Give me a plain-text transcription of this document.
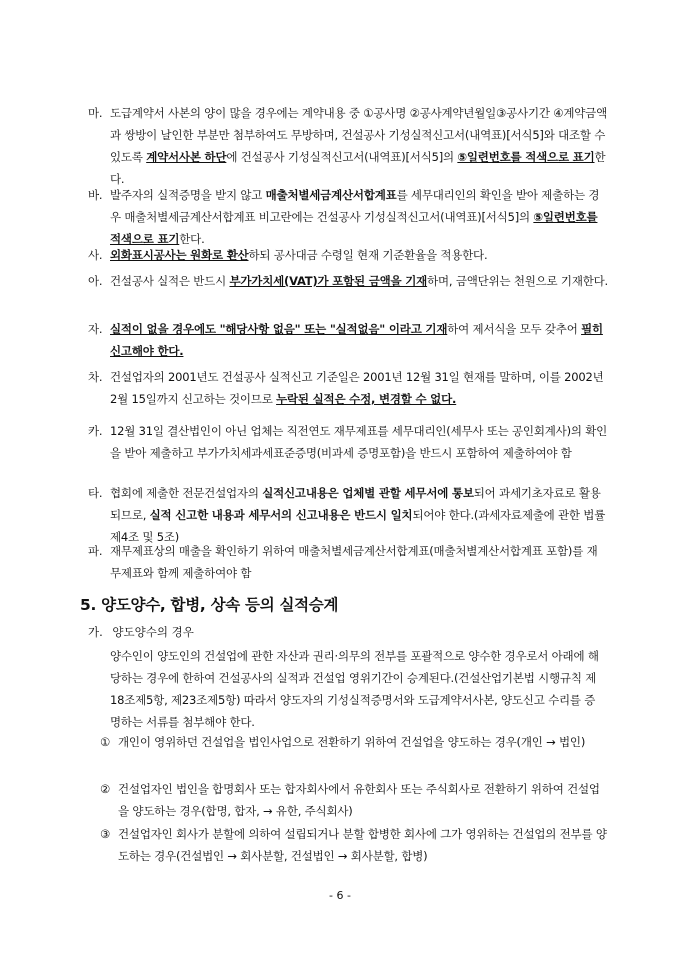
마. 도급계약서 사본의 양이 많을 경우에는 계약내용 중 ①공사명 ②공사계약년월일③공사기간 ④계약금액과 쌍방이 날인한 부분만 첨부하여도 무방하며, 건설공사 기성실적신고서(내역표)[서식5]와 대조할 수 있도록 계약서사본 하단에 건설공사 기성실적신고서(내역표)[서식5]의 ⑤일련번호를 적색으로 표기한다.
바. 발주자의 실적증명을 받지 않고 매출처별세금계산서합계표를 세무대리인의 확인을 받아 제출하는 경우 매출처별세금계산서합계표 비고란에는 건설공사 기성실적신고서(내역표)[서식5]의 ⑤일련번호를 적색으로 표기한다.
사. 외화표시공사는 원화로 환산하되 공사대금 수령일 현재 기준환율을 적용한다.
아. 건설공사 실적은 반드시 부가가치세(VAT)가 포함된 금액을 기재하며, 금액단위는 천원으로 기재한다.
자. 실적이 없을 경우에도 "해당사항 없음" 또는 "실적없음" 이라고 기재하여 제서식을 모두 갖추어 필히 신고해야 한다.
차. 건설업자의 2001년도 건설공사 실적신고 기준일은 2001년 12월 31일 현재를 말하며, 이를 2002년 2월 15일까지 신고하는 것이므로 누락된 실적은 수정, 변경할 수 없다.
카. 12월 31일 결산법인이 아닌 업체는 직전연도 재무제표를 세무대리인(세무사 또는 공인회계사)의 확인을 받아 제출하고 부가가치세과세표준증명(비과세 증명포함)을 반드시 포함하여 제출하여야 함
타. 협회에 제출한 전문건설업자의 실적신고내용은 업체별 관할 세무서에 통보되어 과세기초자료로 활용되므로, 실적 신고한 내용과 세무서의 신고내용은 반드시 일치되어야 한다.(과세자료제출에 관한 법률 제4조 및 5조)
파. 재무제표상의 매출을 확인하기 위하여 매출처별세금계산서합계표(매출처별계산서합계표 포함)를 재무제표와 함께 제출하여야 함
5. 양도양수, 합병, 상속 등의 실적승계
가. 양도양수의 경우
양수인이 양도인의 건설업에 관한 자산과 권리·의무의 전부를 포괄적으로 양수한 경우로서 아래에 해당하는 경우에 한하여 건설공사의 실적과 건설업 영위기간이 승계된다.(건설산업기본법 시행규칙 제18조제5항, 제23조제5항) 따라서 양도자의 기성실적증명서와 도급계약서사본, 양도신고 수리를 증명하는 서류를 첨부해야 한다.
① 개인이 영위하던 건설업을 법인사업으로 전환하기 위하여 건설업을 양도하는 경우(개인 → 법인)
② 건설업자인 법인을 합명회사 또는 합자회사에서 유한회사 또는 주식회사로 전환하기 위하여 건설업을 양도하는 경우(합명, 합자, → 유한, 주식회사)
③ 건설업자인 회사가 분할에 의하여 설립되거나 분할 합병한 회사에 그가 영위하는 건설업의 전부를 양도하는 경우(건설법인 → 회사분할, 건설법인 → 회사분할, 합병)
- 6 -
